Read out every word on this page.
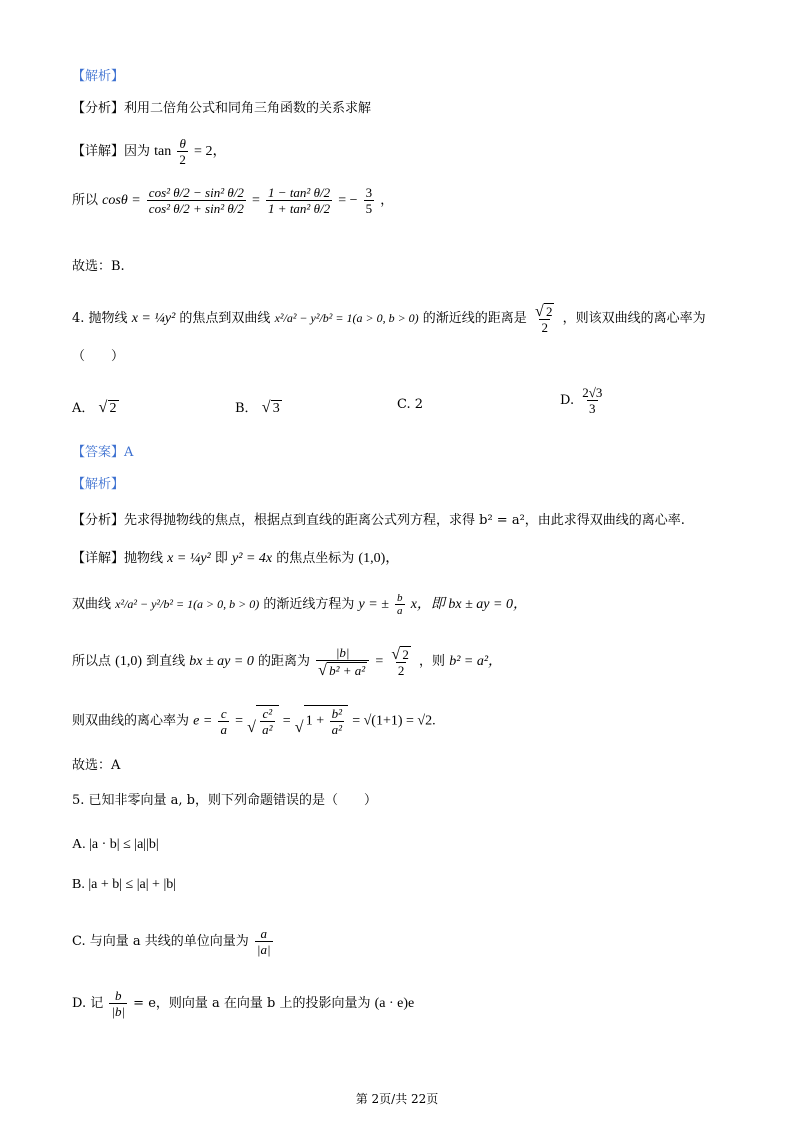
【解析】
【分析】利用二倍角公式和同角三角函数的关系求解
【详解】因为 $\tan \frac{\theta}{2} = 2$，
所以 $\cos\theta = \frac{\text{cos² θ/2 − sin² θ/2}}{\text{cos² θ/2 + sin² θ/2}} = \frac{\text{1 − tan² θ/2}}{\text{1 + tan² θ/2}}$ = − $\frac{3}{5}$ ，
故选：B.
4. 抛物线 x = ¼y² 的焦点到双曲线 x²/a² − y²/b² = 1(a > 0, b > 0) 的渐近线的距离是 √ $\frac{2}{2}$ ，则该双曲线的离心率为
（　　）
A． √ 2	B． √ 3	C. 2	D. $\frac{2√3}{3}$
【答案】A
【解析】
【分析】先求得抛物线的焦点，根据点到直线的距离公式列方程，求得 b² = a²，由此求得双曲线的离心率.
【详解】抛物线 x = ¼y² 即 y² = 4x 的焦点坐标为 (1,0)，
双曲线 x²/a² − y²/b² = 1(a > 0, b > 0) 的渐近线方程为 y = ± $\frac{b}{a}$ x，即 bx ± ay = 0，
所以点 (1,0) 到直线 bx ± ay = 0 的距离为 |b|
√ b² + a² = √ $\frac{2}{2}$ ，则 b² = a²，
则双曲线的离心率为 $e = \frac{c}{a}$ = √ $\frac{\text{c²}}{\text{a²}}$ = √ $1 + \frac{\text{b²}}{\text{a²}} = √(1+1) = √2$.
故选：A
5. 已知非零向量 a, b，则下列命题错误的是（　　）
A. |a · b| ≤ |a||b|
B. |a + b| ≤ |a| + |b|
C. 与向量 a 共线的单位向量为 $\frac{a}{|a|}$
D. 记 $\frac{b}{|b|} = e$，则向量 a 在向量 b 上的投影向量为 (a · e)e
第 2页/共 22页
